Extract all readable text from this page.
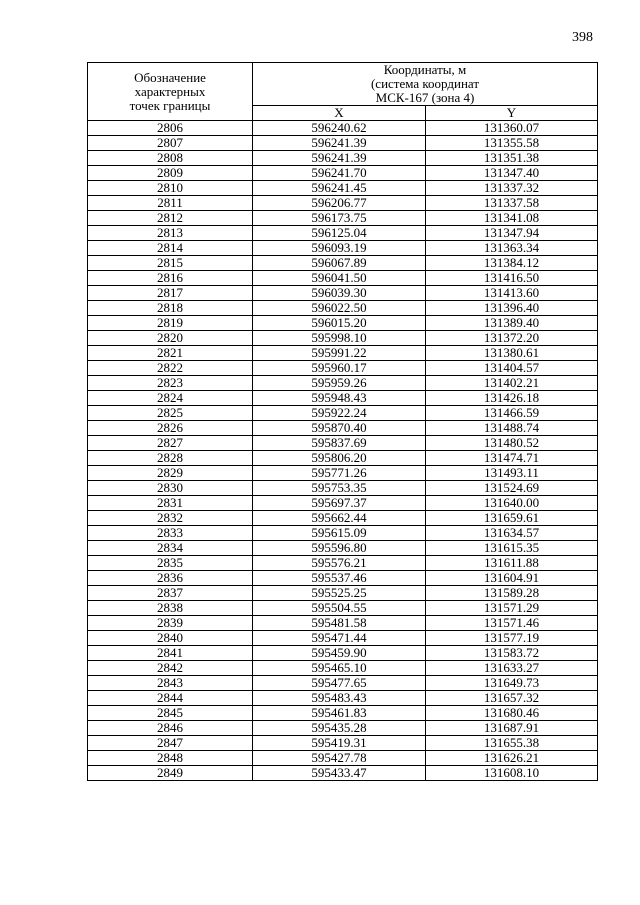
398
Обозначение
характерных
точек границы	Координаты, м
(система координат
МСК-167 (зона 4)	

	X	Y
2806	596240.62	131360.07
2807	596241.39	131355.58
2808	596241.39	131351.38
2809	596241.70	131347.40
2810	596241.45	131337.32
2811	596206.77	131337.58
2812	596173.75	131341.08
2813	596125.04	131347.94
2814	596093.19	131363.34
2815	596067.89	131384.12
2816	596041.50	131416.50
2817	596039.30	131413.60
2818	596022.50	131396.40
2819	596015.20	131389.40
2820	595998.10	131372.20
2821	595991.22	131380.61
2822	595960.17	131404.57
2823	595959.26	131402.21
2824	595948.43	131426.18
2825	595922.24	131466.59
2826	595870.40	131488.74
2827	595837.69	131480.52
2828	595806.20	131474.71
2829	595771.26	131493.11
2830	595753.35	131524.69
2831	595697.37	131640.00
2832	595662.44	131659.61
2833	595615.09	131634.57
2834	595596.80	131615.35
2835	595576.21	131611.88
2836	595537.46	131604.91
2837	595525.25	131589.28
2838	595504.55	131571.29
2839	595481.58	131571.46
2840	595471.44	131577.19
2841	595459.90	131583.72
2842	595465.10	131633.27
2843	595477.65	131649.73
2844	595483.43	131657.32
2845	595461.83	131680.46
2846	595435.28	131687.91
2847	595419.31	131655.38
2848	595427.78	131626.21
2849	595433.47	131608.10
